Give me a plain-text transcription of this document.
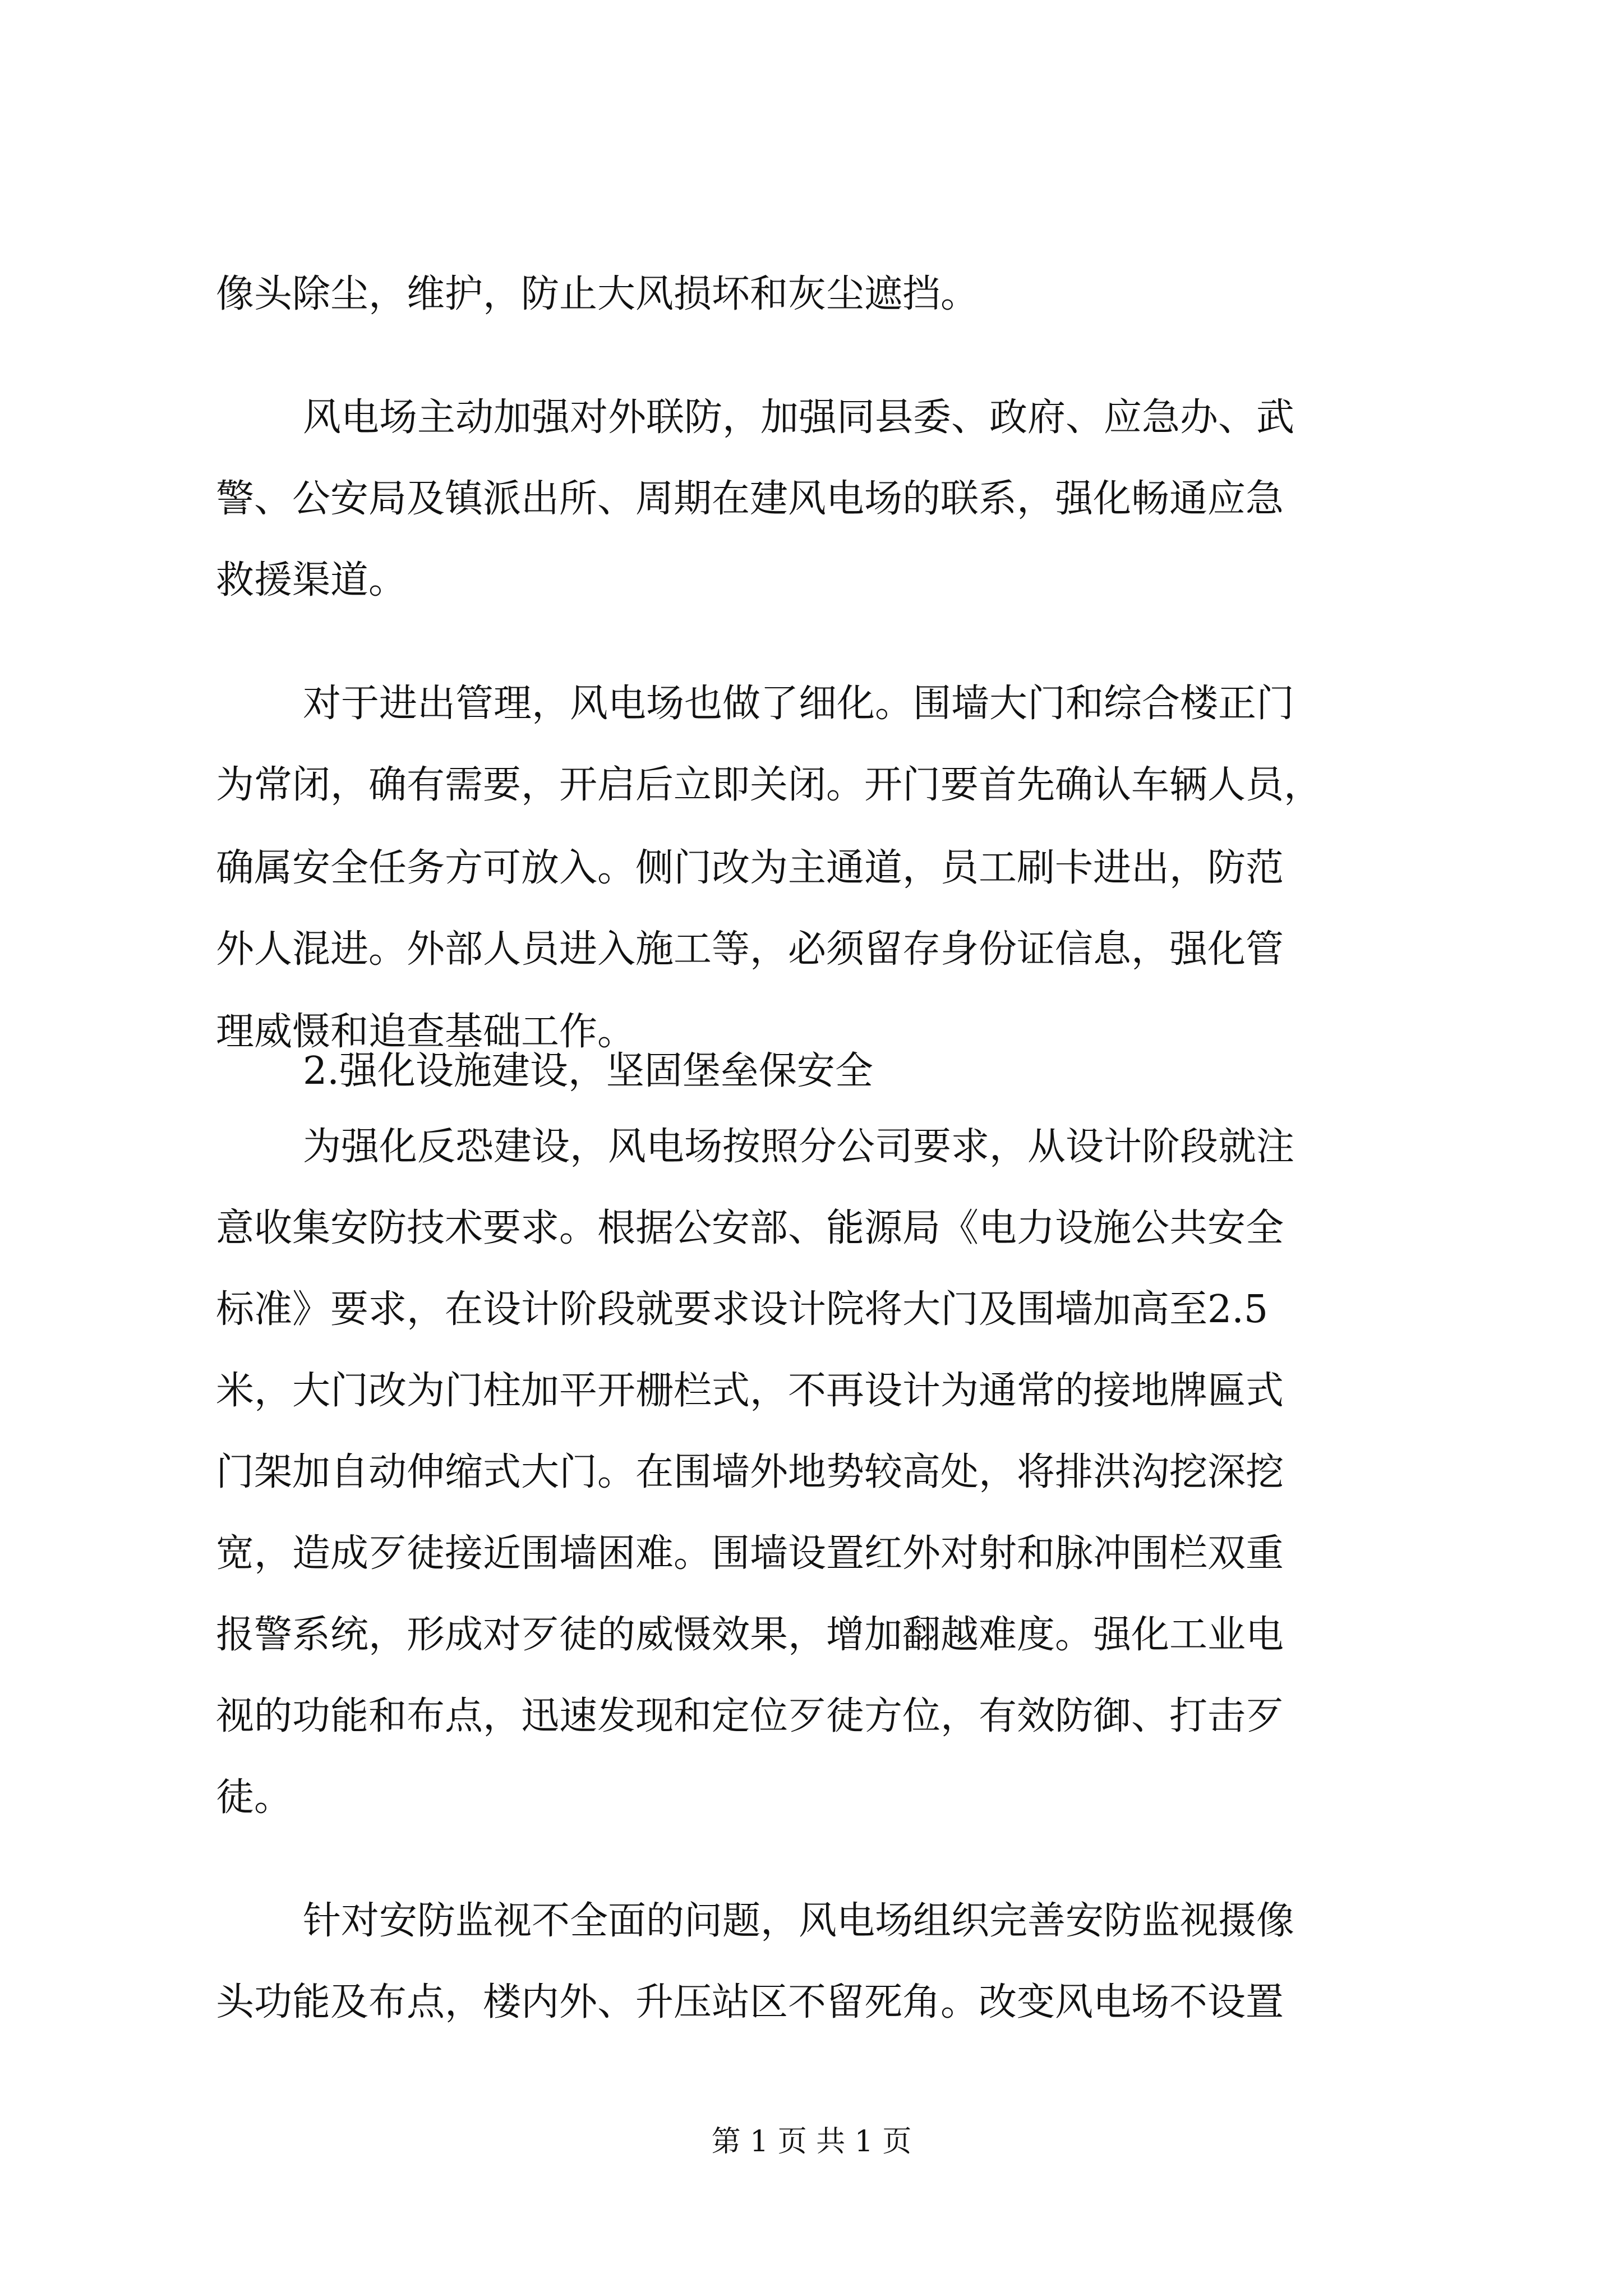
像头除尘，维护，防止大风损坏和灰尘遮挡。

风电场主动加强对外联防，加强同县委、政府、应急办、武

警、公安局及镇派出所、周期在建风电场的联系，强化畅通应急

救援渠道。

对于进出管理，风电场也做了细化。围墙大门和综合楼正门

为常闭，确有需要，开启后立即关闭。开门要首先确认车辆人员，

确属安全任务方可放入。侧门改为主通道，员工刷卡进出，防范

外人混进。外部人员进入施工等，必须留存身份证信息，强化管

理威慑和追查基础工作。

2.强化设施建设，坚固堡垒保安全

为强化反恐建设，风电场按照分公司要求，从设计阶段就注

意收集安防技术要求。根据公安部、能源局《电力设施公共安全

标准》要求，在设计阶段就要求设计院将大门及围墙加高至2.5

米，大门改为门柱加平开栅栏式，不再设计为通常的接地牌匾式

门架加自动伸缩式大门。在围墙外地势较高处，将排洪沟挖深挖

宽，造成歹徒接近围墙困难。围墙设置红外对射和脉冲围栏双重

报警系统，形成对歹徒的威慑效果，增加翻越难度。强化工业电

视的功能和布点，迅速发现和定位歹徒方位，有效防御、打击歹

徒。

针对安防监视不全面的问题，风电场组织完善安防监视摄像

头功能及布点，楼内外、升压站区不留死角。改变风电场不设置

第 1 页 共 1 页
